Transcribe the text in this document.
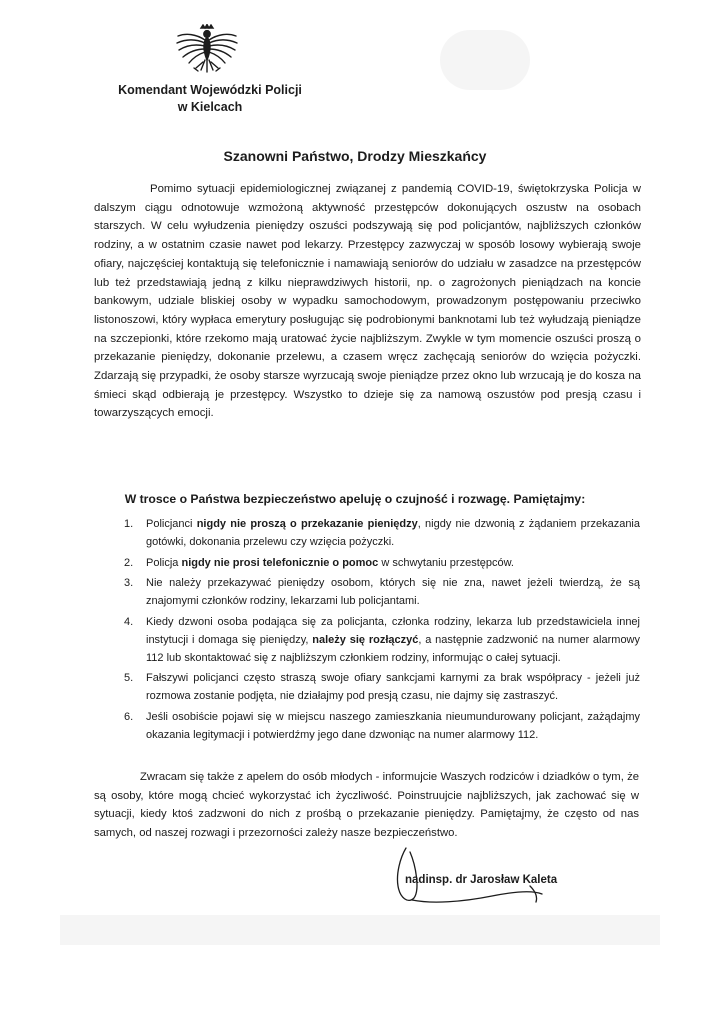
Komendant Wojewódzki Policji
w Kielcach
Szanowni Państwo, Drodzy Mieszkańcy

Pomimo sytuacji epidemiologicznej związanej z pandemią COVID-19, świętokrzyska Policja w dalszym ciągu odnotowuje wzmożoną aktywność przestępców dokonujących oszustw na osobach starszych. W celu wyłudzenia pieniędzy oszuści podszywają się pod policjantów, najbliższych członków rodziny, a w ostatnim czasie nawet pod lekarzy. Przestępcy zazwyczaj w sposób losowy wybierają swoje ofiary, najczęściej kontaktują się telefonicznie i namawiają seniorów do udziału w zasadzce na przestępców lub też przedstawiają jedną z kilku nieprawdziwych historii, np. o zagrożonych pieniądzach na koncie bankowym, udziale bliskiej osoby w wypadku samochodowym, prowadzonym postępowaniu przeciwko listonoszowi, który wypłaca emerytury posługując się podrobionymi banknotami lub też wyłudzają pieniądze na szczepionki, które rzekomo mają uratować życie najbliższym. Zwykle w tym momencie oszuści proszą o przekazanie pieniędzy, dokonanie przelewu, a czasem wręcz zachęcają seniorów do wzięcia pożyczki. Zdarzają się przypadki, że osoby starsze wyrzucają swoje pieniądze przez okno lub wrzucają je do kosza na śmieci skąd odbierają je przestępcy. Wszystko to dzieje się za namową oszustów pod presją czasu i towarzyszących emocji.

W trosce o Państwa bezpieczeństwo apeluję o czujność i rozwagę. Pamiętajmy:
1. Policjanci nigdy nie proszą o przekazanie pieniędzy, nigdy nie dzwonią z żądaniem przekazania gotówki, dokonania przelewu czy wzięcia pożyczki.
2. Policja nigdy nie prosi telefonicznie o pomoc w schwytaniu przestępców.
3. Nie należy przekazywać pieniędzy osobom, których się nie zna, nawet jeżeli twierdzą, że są znajomymi członków rodziny, lekarzami lub policjantami.
4. Kiedy dzwoni osoba podająca się za policjanta, członka rodziny, lekarza lub przedstawiciela innej instytucji i domaga się pieniędzy, należy się rozłączyć, a następnie zadzwonić na numer alarmowy 112 lub skontaktować się z najbliższym członkiem rodziny, informując o całej sytuacji.
5. Fałszywi policjanci często straszą swoje ofiary sankcjami karnymi za brak współpracy - jeżeli już rozmowa zostanie podjęta, nie działajmy pod presją czasu, nie dajmy się zastraszyć.
6. Jeśli osobiście pojawi się w miejscu naszego zamieszkania nieumundurowany policjant, zażądajmy okazania legitymacji i potwierdźmy jego dane dzwoniąc na numer alarmowy 112.

Zwracam się także z apelem do osób młodych - informujcie Waszych rodziców i dziadków o tym, że są osoby, które mogą chcieć wykorzystać ich życzliwość. Poinstruujcie najbliższych, jak zachować się w sytuacji, kiedy ktoś zadzwoni do nich z prośbą o przekazanie pieniędzy. Pamiętajmy, że często od nas samych, od naszej rozwagi i przezorności zależy nasze bezpieczeństwo.

nadinsp. dr Jarosław Kaleta
